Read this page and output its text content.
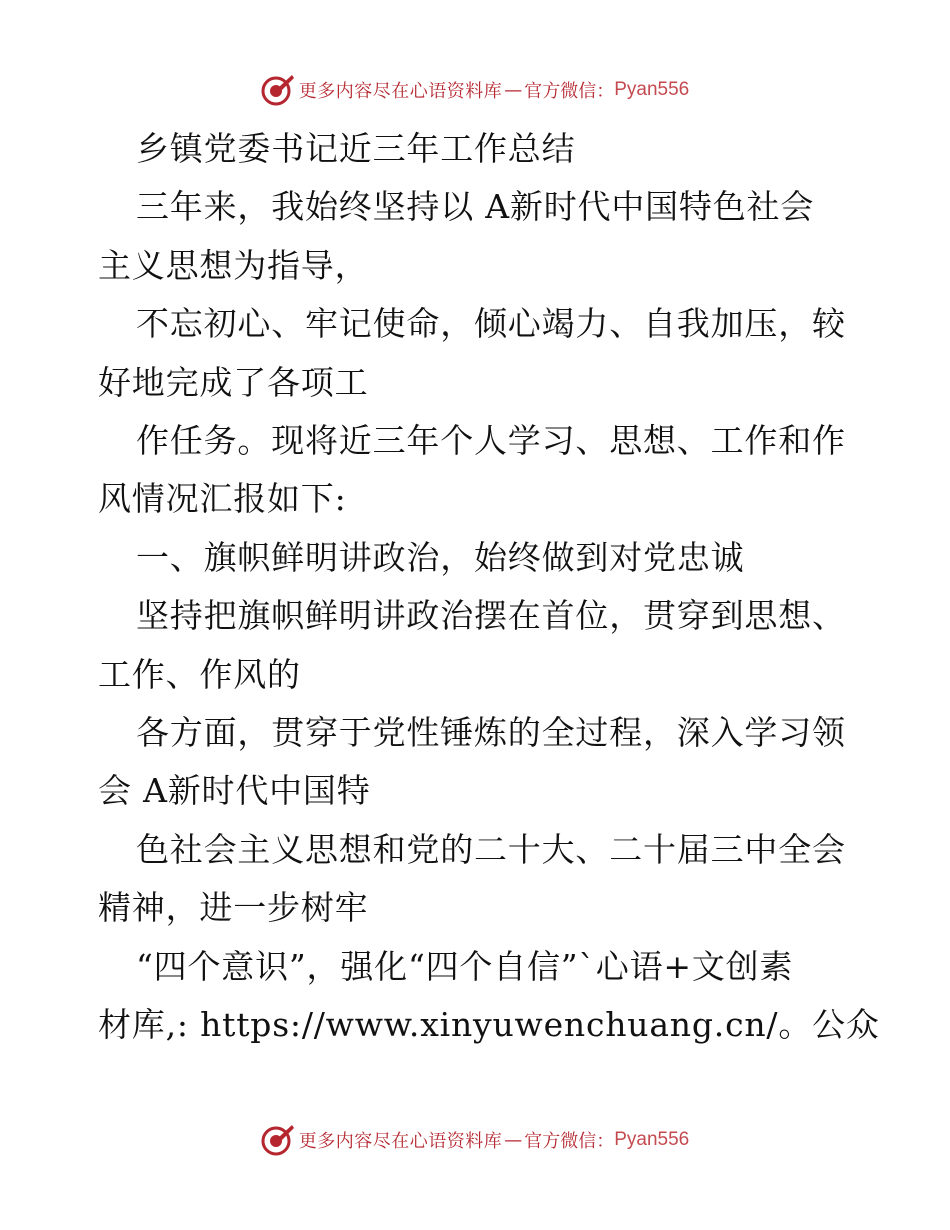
更多内容尽在心语资料库 — 官方微信： Pyan556

乡镇党委书记近三年工作总结

三年来，我始终坚持以 A新时代中国特色社会

主义思想为指导，

不忘初心、牢记使命，倾心竭力、自我加压，较

好地完成了各项工

作任务。现将近三年个人学习、思想、工作和作

风情况汇报如下:

一、旗帜鲜明讲政治，始终做到对党忠诚

坚持把旗帜鲜明讲政治摆在首位，贯穿到思想、

工作、作风的

各方面，贯穿于党性锤炼的全过程，深入学习领

会 A新时代中国特

色社会主义思想和党的二十大、二十届三中全会

精神，进一步树牢

“四个意识”，强化“四个自信”`心语+文创素

材库,: https://www.xinyuwenchuang.cn/。公众

更多内容尽在心语资料库 — 官方微信： Pyan556
